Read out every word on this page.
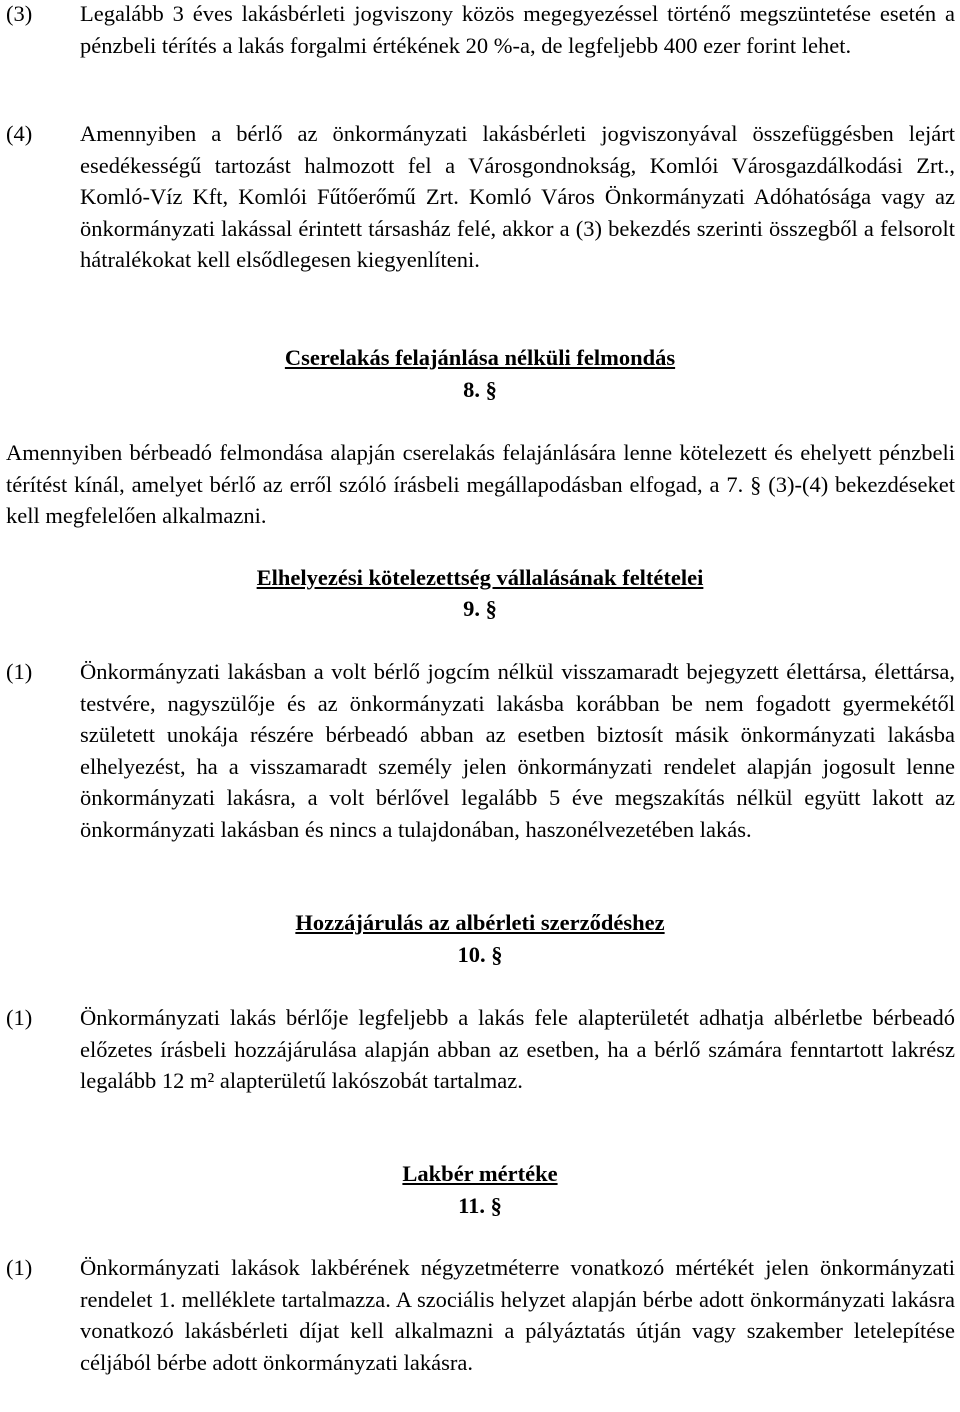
(3) Legalább 3 éves lakásbérleti jogviszony közös megegyezéssel történő megszüntetése esetén a pénzbeli térítés a lakás forgalmi értékének 20 %-a, de legfeljebb 400 ezer forint lehet.
(4) Amennyiben a bérlő az önkormányzati lakásbérleti jogviszonyával összefüggésben lejárt esedékességű tartozást halmozott fel a Városgondnokság, Komlói Városgazdálkodási Zrt., Komló-Víz Kft, Komlói Fűtőerőmű Zrt. Komló Város Önkormányzati Adóhatósága vagy az önkormányzati lakással érintett társasház felé, akkor a (3) bekezdés szerinti összegből a felsorolt hátralékokat kell elsődlegesen kiegyenlíteni.
Cserelakás felajánlása nélküli felmondás
8. §
Amennyiben bérbeadó felmondása alapján cserelakás felajánlására lenne kötelezett és ehelyett pénzbeli térítést kínál, amelyet bérlő az erről szóló írásbeli megállapodásban elfogad, a 7. § (3)-(4) bekezdéseket kell megfelelően alkalmazni.
Elhelyezési kötelezettség vállalásának feltételei
9. §
(1) Önkormányzati lakásban a volt bérlő jogcím nélkül visszamaradt bejegyzett élettársa, élettársa, testvére, nagyszülője és az önkormányzati lakásba korábban be nem fogadott gyermekétől született unokája részére bérbeadó abban az esetben biztosít másik önkormányzati lakásba elhelyezést, ha a visszamaradt személy jelen önkormányzati rendelet alapján jogosult lenne önkormányzati lakásra, a volt bérlővel legalább 5 éve megszakítás nélkül együtt lakott az önkormányzati lakásban és nincs a tulajdonában, haszonélvezetében lakás.
Hozzájárulás az albérleti szerződéshez
10. §
(1) Önkormányzati lakás bérlője legfeljebb a lakás fele alapterületét adhatja albérletbe bérbeadó előzetes írásbeli hozzájárulása alapján abban az esetben, ha a bérlő számára fenntartott lakrész legalább 12 m² alapterületű lakószobát tartalmaz.
Lakbér mértéke
11. §
(1) Önkormányzati lakások lakbérének négyzetméterre vonatkozó mértékét jelen önkormányzati rendelet 1. melléklete tartalmazza. A szociális helyzet alapján bérbe adott önkormányzati lakásra vonatkozó lakásbérleti díjat kell alkalmazni a pályáztatás útján vagy szakember letelepítése céljából bérbe adott önkormányzati lakásra.
